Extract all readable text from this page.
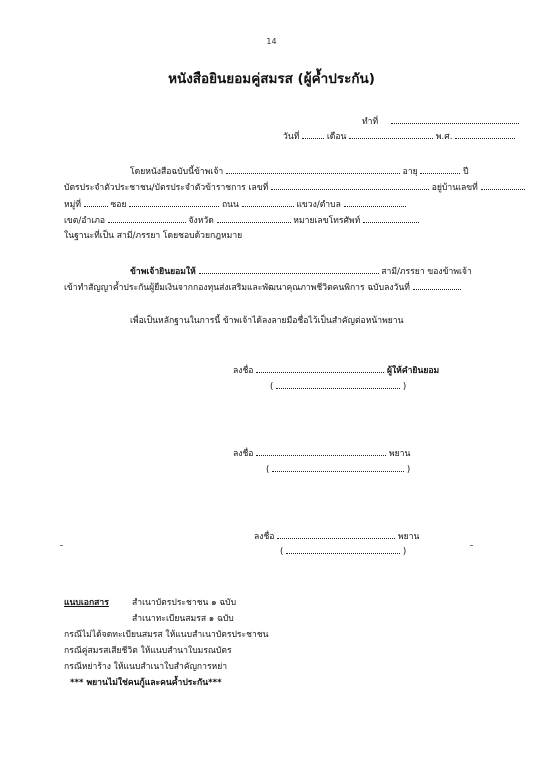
14
หนังสือยินยอมคู่สมรส (ผู้ค้ำประกัน)
ทำที่
วันที่	เดือน	พ.ศ.
โดยหนังสือฉบับนี้ข้าพเจ้า	อายุ	ปี
บัตรประจำตัวประชาชน/บัตรประจำตัวข้าราชการ เลขที่	อยู่บ้านเลขที่
หมู่ที่	ซอย	ถนน	แขวง/ตำบล
เขต/อำเภอ	จังหวัด	หมายเลขโทรศัพท์
ในฐานะที่เป็น สามี/ภรรยา โดยชอบด้วยกฎหมาย
ข้าพเจ้ายินยอมให้	สามี/ภรรยา ของข้าพเจ้า
เข้าทำสัญญาค้ำประกันผู้ยืมเงินจากกองทุนส่งเสริมและพัฒนาคุณภาพชีวิตคนพิการ ฉบับลงวันที่
เพื่อเป็นหลักฐานในการนี้ ข้าพเจ้าได้ลงลายมือชื่อไว้เป็นสำคัญต่อหน้าพยาน
ลงชื่อ	ผู้ให้คำยินยอม
(	)
ลงชื่อ	พยาน
(	)
ลงชื่อ	พยาน
(	)
แนบเอกสาร	สำเนาบัตรประชาชน ๑ ฉบับ
สำเนาทะเบียนสมรส ๑ ฉบับ
กรณีไม่ได้จดทะเบียนสมรส ให้แนบสำเนาบัตรประชาชน
กรณีคู่สมรสเสียชีวิต ให้แนบสำนาใบมรณบัตร
กรณีหย่าร้าง ให้แนบสำเนาใบสำคัญการหย่า
*** พยานไม่ใช่คนกู้และคนค้ำประกัน***
